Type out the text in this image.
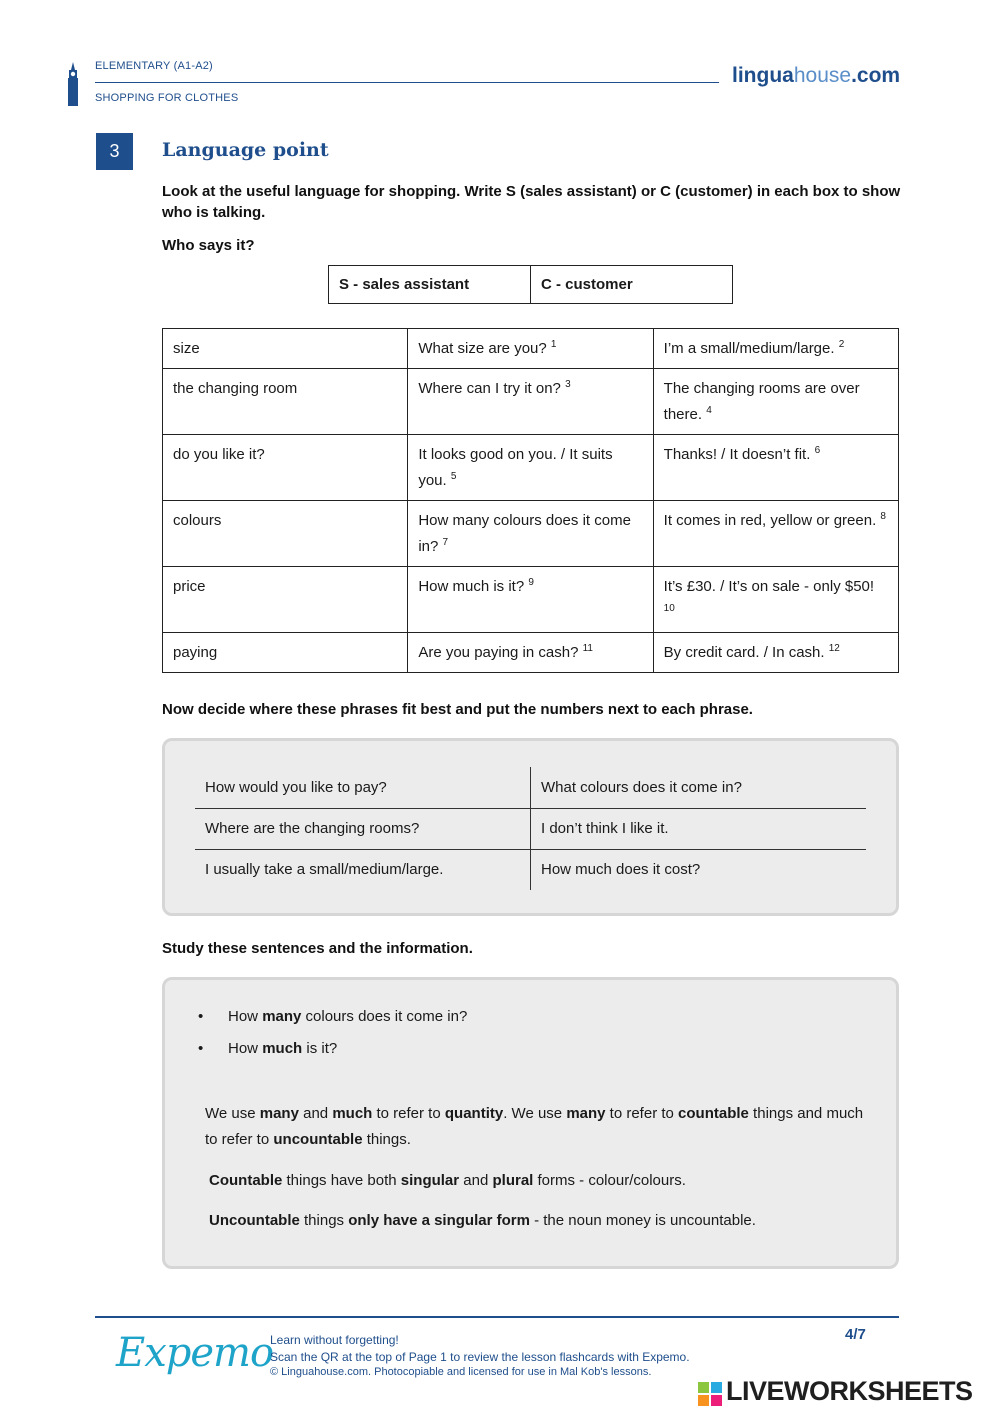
ELEMENTARY (A1-A2)
SHOPPING FOR CLOTHES
linguahouse.com
3	Language point
Look at the useful language for shopping. Write S (sales assistant) or C (customer) in each box to show who is talking.
Who says it?
S - sales assistant	C - customer
size	What size are you? $^1$	I’m a small/medium/large. $^2$
the changing room	Where can I try it on? $^3$	The changing rooms are over there. $^4$
do you like it?	It looks good on you. / It suits you. $^5$	Thanks! / It doesn’t fit. $^6$
colours	How many colours does it come in? $^7$	It comes in red, yellow or green. $^8$
price	How much is it? $^9$	It’s £30. / It’s on sale - only $50! $^{10}$
paying	Are you paying in cash? $^{11}$	By credit card. / In cash. $^{12}$
Now decide where these phrases fit best and put the numbers next to each phrase.
How would you like to pay?	What colours does it come in?
Where are the changing rooms?	I don’t think I like it.
I usually take a small/medium/large.	How much does it cost?
Study these sentences and the information.
• How many colours does it come in?
• How much is it?
We use many and much to refer to quantity. We use many to refer to countable things and much to refer to uncountable things.
Countable things have both singular and plural forms - colour/colours.
Uncountable things only have a singular form - the noun money is uncountable.
Expemo
Learn without forgetting!
Scan the QR at the top of Page 1 to review the lesson flashcards with Expemo.
© Linguahouse.com. Photocopiable and licensed for use in Mal Kob's lessons.
4/7
LIVEWORKSHEETS
